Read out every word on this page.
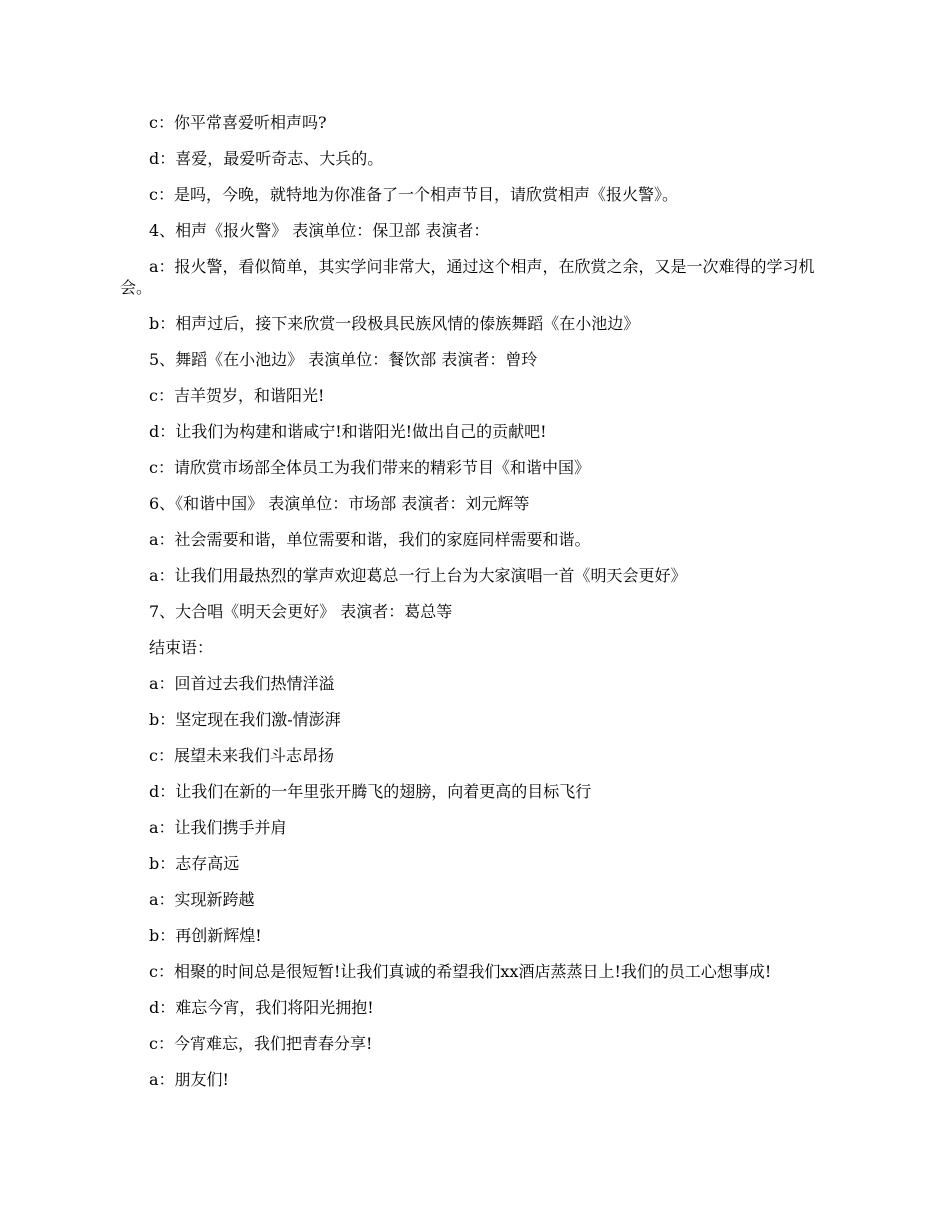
c：你平常喜爱听相声吗?

d：喜爱，最爱听奇志、大兵的。

c：是吗，今晚，就特地为你准备了一个相声节目，请欣赏相声《报火警》。

4、相声《报火警》 表演单位：保卫部 表演者：

a：报火警，看似简单，其实学问非常大，通过这个相声，在欣赏之余，又是一次难得的学习机会。

b：相声过后，接下来欣赏一段极具民族风情的傣族舞蹈《在小池边》

5、舞蹈《在小池边》 表演单位：餐饮部 表演者：曾玲

c：吉羊贺岁，和谐阳光!

d：让我们为构建和谐咸宁!和谐阳光!做出自己的贡献吧!

c：请欣赏市场部全体员工为我们带来的精彩节目《和谐中国》

6、《和谐中国》 表演单位：市场部 表演者：刘元辉等

a：社会需要和谐，单位需要和谐，我们的家庭同样需要和谐。

a：让我们用最热烈的掌声欢迎葛总一行上台为大家演唱一首《明天会更好》

7、大合唱《明天会更好》 表演者：葛总等

结束语：

a：回首过去我们热情洋溢

b：坚定现在我们激-情澎湃

c：展望未来我们斗志昂扬

d：让我们在新的一年里张开腾飞的翅膀，向着更高的目标飞行

a：让我们携手并肩

b：志存高远

a：实现新跨越

b：再创新辉煌!

c：相聚的时间总是很短暂!让我们真诚的希望我们xx酒店蒸蒸日上!我们的员工心想事成!

d：难忘今宵，我们将阳光拥抱!

c：今宵难忘，我们把青春分享!

a：朋友们!
